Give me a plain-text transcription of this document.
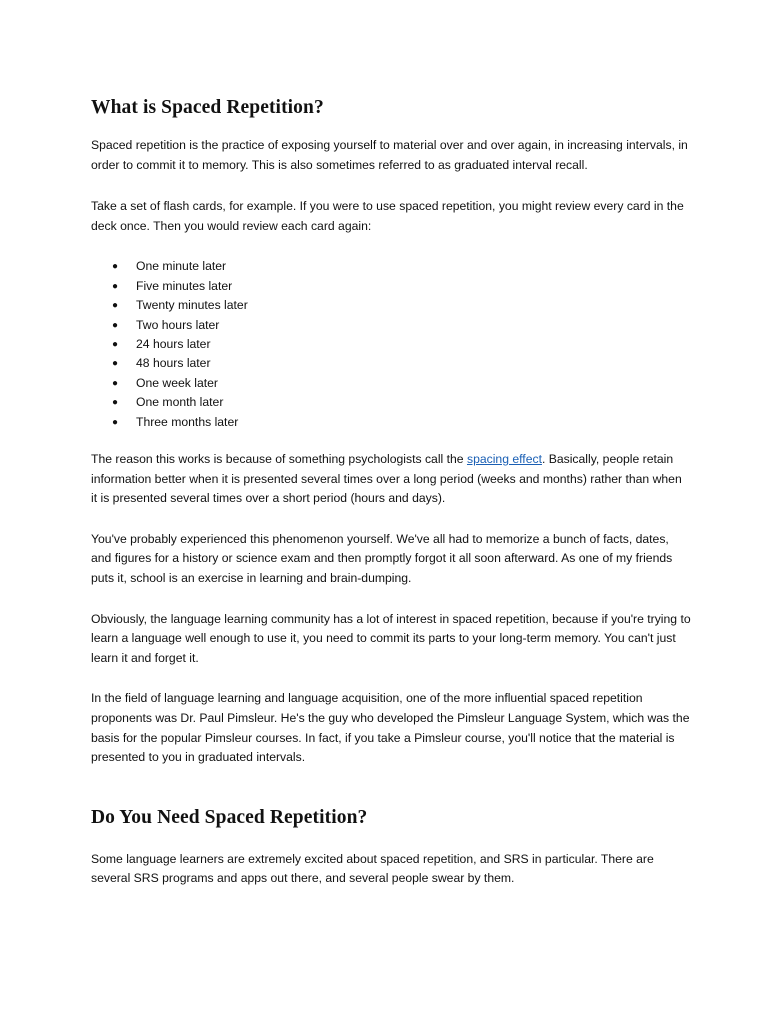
What is Spaced Repetition?

Spaced repetition is the practice of exposing yourself to material over and over again, in increasing intervals, in order to commit it to memory. This is also sometimes referred to as graduated interval recall.

Take a set of flash cards, for example. If you were to use spaced repetition, you might review every card in the deck once. Then you would review each card again:

● One minute later
● Five minutes later
● Twenty minutes later
● Two hours later
● 24 hours later
● 48 hours later
● One week later
● One month later
● Three months later

The reason this works is because of something psychologists call the spacing effect. Basically, people retain information better when it is presented several times over a long period (weeks and months) rather than when it is presented several times over a short period (hours and days).

You've probably experienced this phenomenon yourself. We've all had to memorize a bunch of facts, dates, and figures for a history or science exam and then promptly forgot it all soon afterward. As one of my friends puts it, school is an exercise in learning and brain-dumping.

Obviously, the language learning community has a lot of interest in spaced repetition, because if you're trying to learn a language well enough to use it, you need to commit its parts to your long-term memory. You can't just learn it and forget it.

In the field of language learning and language acquisition, one of the more influential spaced repetition proponents was Dr. Paul Pimsleur. He's the guy who developed the Pimsleur Language System, which was the basis for the popular Pimsleur courses. In fact, if you take a Pimsleur course, you'll notice that the material is presented to you in graduated intervals.

Do You Need Spaced Repetition?

Some language learners are extremely excited about spaced repetition, and SRS in particular. There are several SRS programs and apps out there, and several people swear by them.
